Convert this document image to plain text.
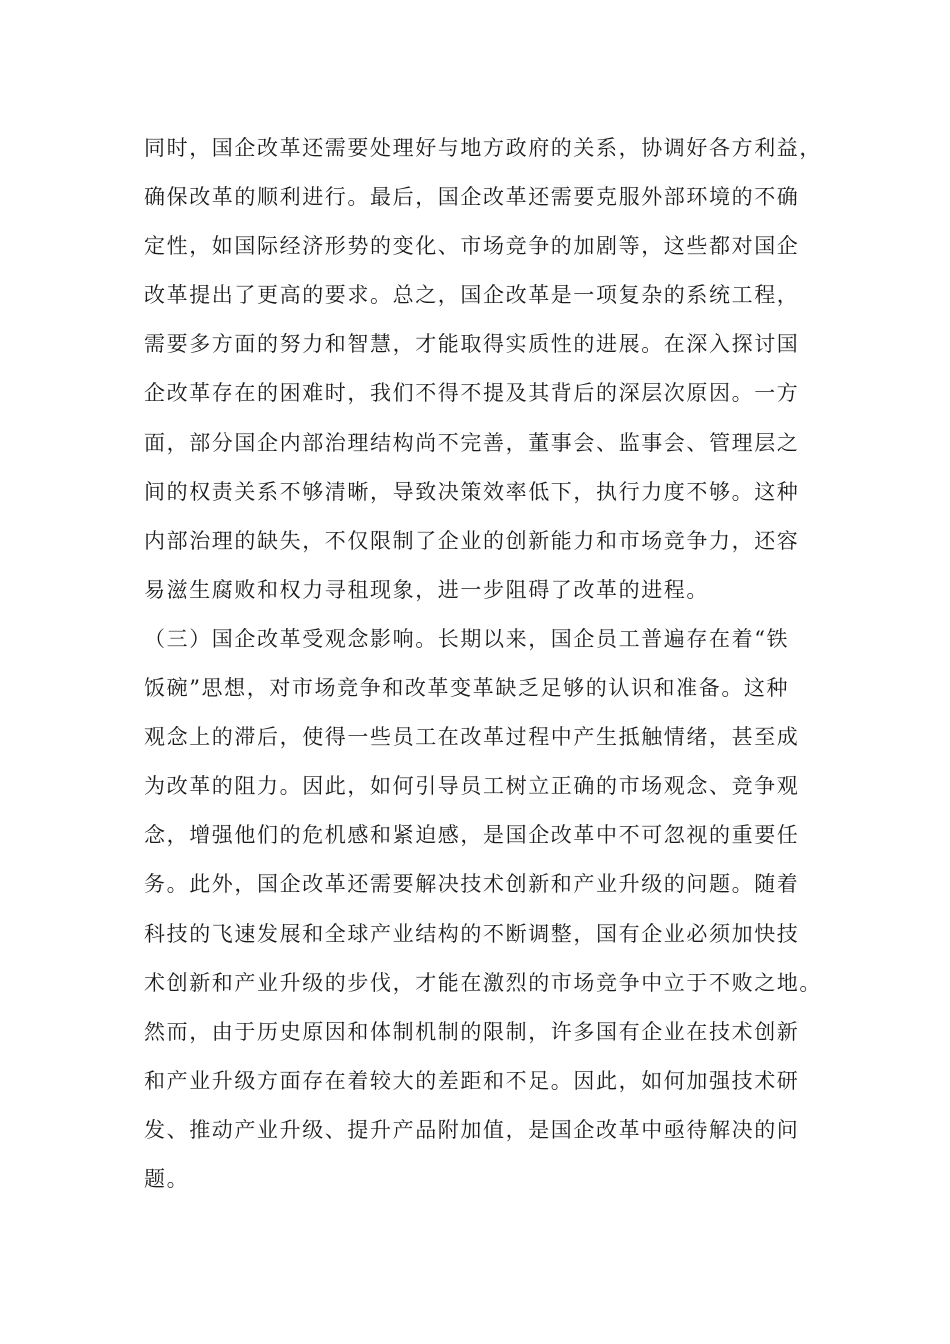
同时，国企改革还需要处理好与地方政府的关系，协调好各方利益，
确保改革的顺利进行。最后，国企改革还需要克服外部环境的不确
定性，如国际经济形势的变化、市场竞争的加剧等，这些都对国企
改革提出了更高的要求。总之，国企改革是一项复杂的系统工程，
需要多方面的努力和智慧，才能取得实质性的进展。在深入探讨国
企改革存在的困难时，我们不得不提及其背后的深层次原因。一方
面，部分国企内部治理结构尚不完善，董事会、监事会、管理层之
间的权责关系不够清晰，导致决策效率低下，执行力度不够。这种
内部治理的缺失，不仅限制了企业的创新能力和市场竞争力，还容
易滋生腐败和权力寻租现象，进一步阻碍了改革的进程。
（三）国企改革受观念影响。长期以来，国企员工普遍存在着“铁
饭碗”思想，对市场竞争和改革变革缺乏足够的认识和准备。这种
观念上的滞后，使得一些员工在改革过程中产生抵触情绪，甚至成
为改革的阻力。因此，如何引导员工树立正确的市场观念、竞争观
念，增强他们的危机感和紧迫感，是国企改革中不可忽视的重要任
务。此外，国企改革还需要解决技术创新和产业升级的问题。随着
科技的飞速发展和全球产业结构的不断调整，国有企业必须加快技
术创新和产业升级的步伐，才能在激烈的市场竞争中立于不败之地。
然而，由于历史原因和体制机制的限制，许多国有企业在技术创新
和产业升级方面存在着较大的差距和不足。因此，如何加强技术研
发、推动产业升级、提升产品附加值，是国企改革中亟待解决的问
题。
